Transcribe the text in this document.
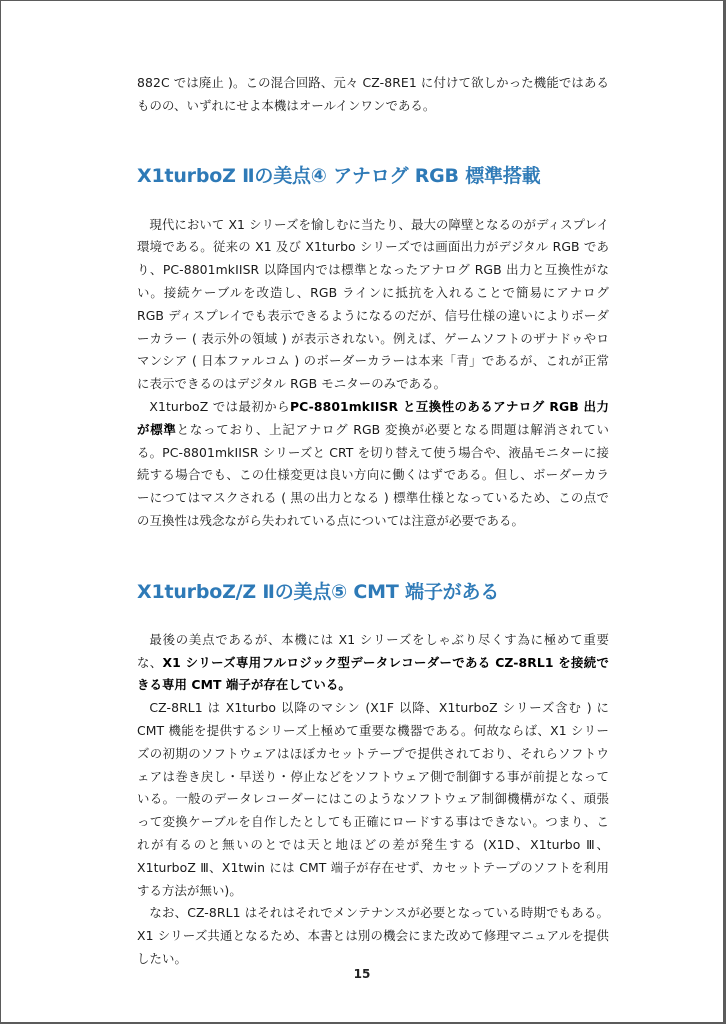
882C では廃止 )。この混合回路、元々 CZ-8RE1 に付けて欲しかった機能ではあるものの、いずれにせよ本機はオールインワンである。

X1turboZ Ⅱの美点④ アナログ RGB 標準搭載

現代において X1 シリーズを愉しむに当たり、最大の障壁となるのがディスプレイ環境である。従来の X1 及び X1turbo シリーズでは画面出力がデジタル RGB であり、PC-8801mkIISR 以降国内では標準となったアナログ RGB 出力と互換性がない。接続ケーブルを改造し、RGB ラインに抵抗を入れることで簡易にアナログ RGB ディスプレイでも表示できるようになるのだが、信号仕様の違いによりボーダーカラー ( 表示外の領域 ) が表示されない。例えば、ゲームソフトのザナドゥやロマンシア ( 日本ファルコム ) のボーダーカラーは本来「青」であるが、これが正常に表示できるのはデジタル RGB モニターのみである。

X1turboZ では最初からPC-8801mkIISR と互換性のあるアナログ RGB 出力が標準となっており、上記アナログ RGB 変換が必要となる問題は解消されている。PC-8801mkIISR シリーズと CRT を切り替えて使う場合や、液晶モニターに接続する場合でも、この仕様変更は良い方向に働くはずである。但し、ボーダーカラーにつてはマスクされる ( 黒の出力となる ) 標準仕様となっているため、この点での互換性は残念ながら失われている点については注意が必要である。

X1turboZ/Z Ⅱの美点⑤ CMT 端子がある

最後の美点であるが、本機には X1 シリーズをしゃぶり尽くす為に極めて重要な、X1 シリーズ専用フルロジック型データレコーダーである CZ-8RL1 を接続できる専用 CMT 端子が存在している。

CZ-8RL1 は X1turbo 以降のマシン (X1F 以降、X1turboZ シリーズ含む ) に CMT 機能を提供するシリーズ上極めて重要な機器である。何故ならば、X1 シリーズの初期のソフトウェアはほぼカセットテープで提供されており、それらソフトウェアは巻き戻し・早送り・停止などをソフトウェア側で制御する事が前提となっている。一般のデータレコーダーにはこのようなソフトウェア制御機構がなく、頑張って変換ケーブルを自作したとしても正確にロードする事はできない。つまり、これが有るのと無いのとでは天と地ほどの差が発生する (X1D、X1turbo Ⅲ、X1turboZ Ⅲ、X1twin には CMT 端子が存在せず、カセットテープのソフトを利用する方法が無い)。

なお、CZ-8RL1 はそれはそれでメンテナンスが必要となっている時期でもある。X1 シリーズ共通となるため、本書とは別の機会にまた改めて修理マニュアルを提供したい。

15
